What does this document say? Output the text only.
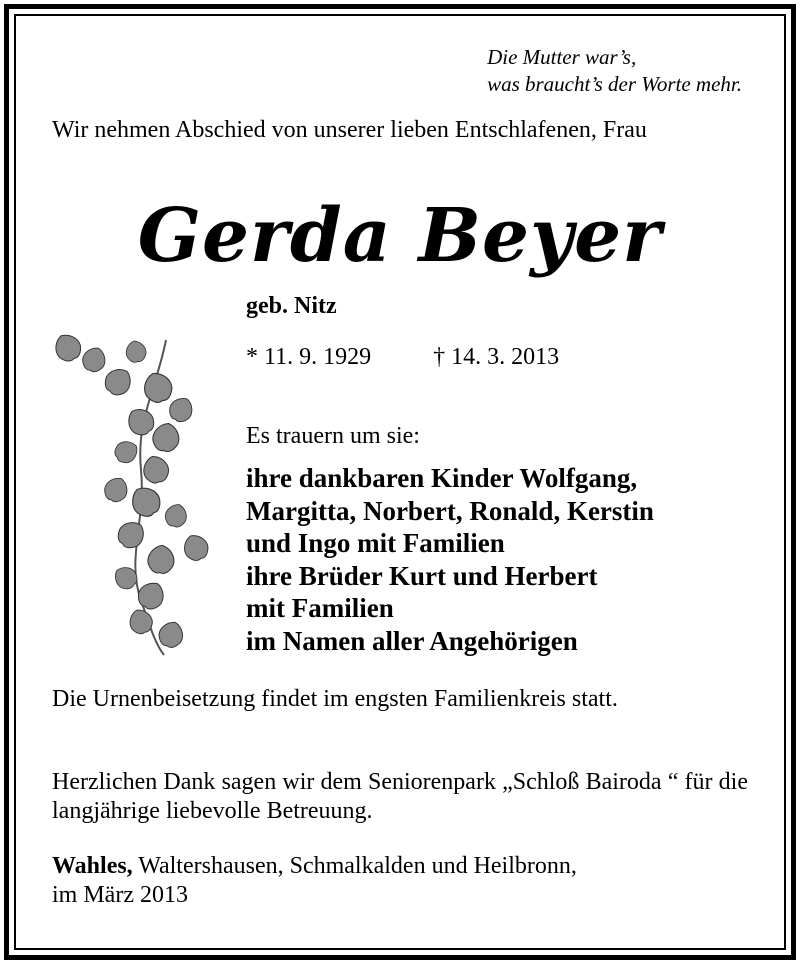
Die Mutter war’s,
was braucht’s der Worte mehr.
Wir nehmen Abschied von unserer lieben Entschlafenen, Frau
Gerda Beyer
geb. Nitz
* 11. 9. 1929	† 14. 3. 2013
Es trauern um sie:
ihre dankbaren Kinder Wolfgang,
Margitta, Norbert, Ronald, Kerstin
und Ingo mit Familien
ihre Brüder Kurt und Herbert
mit Familien
im Namen aller Angehörigen
Die Urnenbeisetzung findet im engsten Familienkreis statt.
Herzlichen Dank sagen wir dem Seniorenpark „Schloß Bairoda “ für die langjährige liebevolle Betreuung.
Wahles, Waltershausen, Schmalkalden und Heilbronn,
im März 2013
